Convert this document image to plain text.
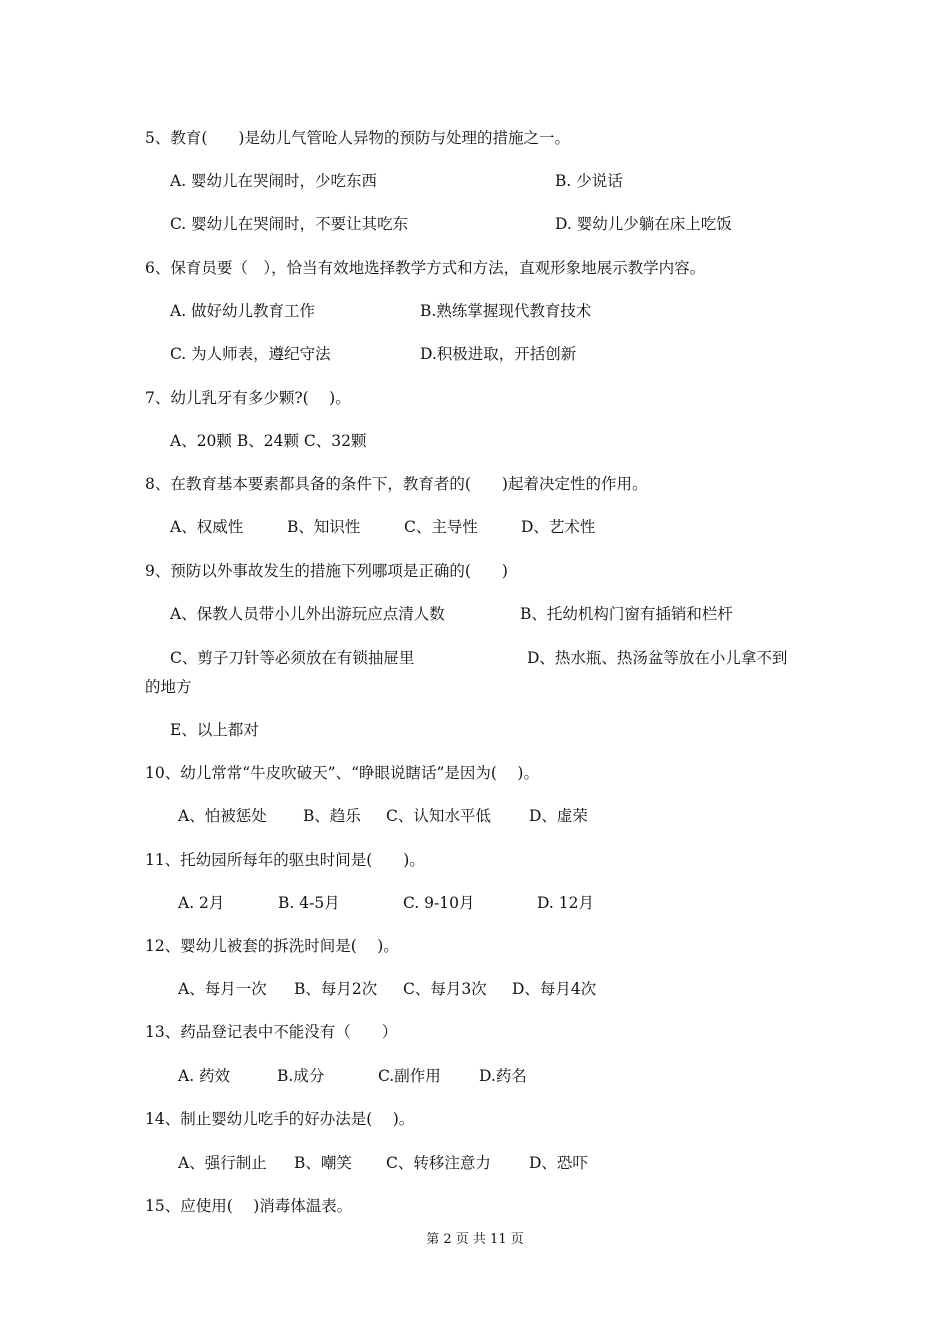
5、教育(　　)是幼儿气管呛人异物的预防与处理的措施之一。
A. 婴幼儿在哭闹时，少吃东西	B. 少说话
C. 婴幼儿在哭闹时，不要让其吃东	D. 婴幼儿少躺在床上吃饭
6、保育员要（　），恰当有效地选择教学方式和方法，直观形象地展示教学内容。
A. 做好幼儿教育工作	B.熟练掌握现代教育技术
C. 为人师表，遵纪守法	D.积极进取，开括创新
7、幼儿乳牙有多少颗?(　 )。
A、20颗 B、24颗 C、32颗
8、在教育基本要素都具备的条件下，教育者的(　　)起着决定性的作用。
A、权威性	B、知识性	C、主导性	D、艺术性
9、预防以外事故发生的措施下列哪项是正确的(　　)
A、保教人员带小儿外出游玩应点清人数	B、托幼机构门窗有插销和栏杆
C、剪子刀针等必须放在有锁抽屉里	D、热水瓶、热汤盆等放在小儿拿不到
的地方
E、以上都对
10、幼儿常常“牛皮吹破天”、“睁眼说瞎话”是因为(　 )。
A、怕被惩处 B、趋乐 C、认知水平低 D、虚荣
11、托幼园所每年的驱虫时间是(　　)。
A. 2月	B. 4-5月	C. 9-10月	D. 12月
12、婴幼儿被套的拆洗时间是(　 )。
A、每月一次 B、每月2次 C、每月3次 D、每月4次
13、药品登记表中不能没有（　　）
A. 药效	B.成分	C.副作用 D.药名
14、制止婴幼儿吃手的好办法是(　 )。
A、强行制止 B、嘲笑 C、转移注意力 D、恐吓
15、应使用(　 )消毒体温表。
第 2 页 共 11 页
